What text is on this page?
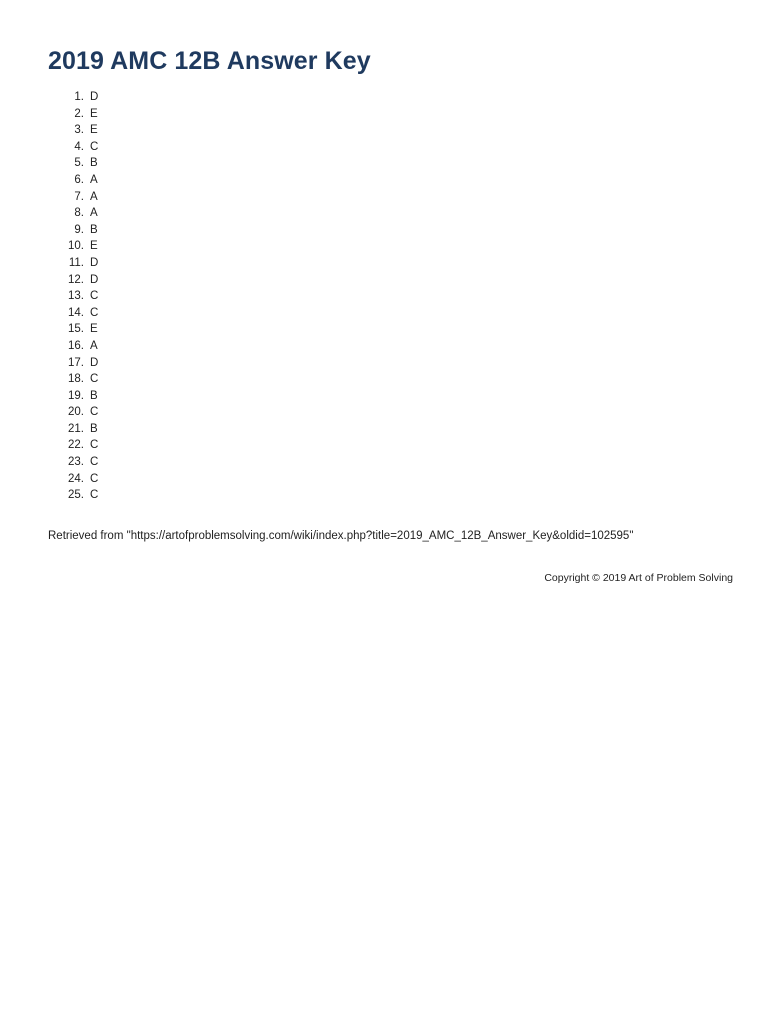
2019 AMC 12B Answer Key
1. D
2. E
3. E
4. C
5. B
6. A
7. A
8. A
9. B
10. E
11. D
12. D
13. C
14. C
15. E
16. A
17. D
18. C
19. B
20. C
21. B
22. C
23. C
24. C
25. C

Retrieved from "https://artofproblemsolving.com/wiki/index.php?title=2019_AMC_12B_Answer_Key&oldid=102595"

Copyright © 2019 Art of Problem Solving
